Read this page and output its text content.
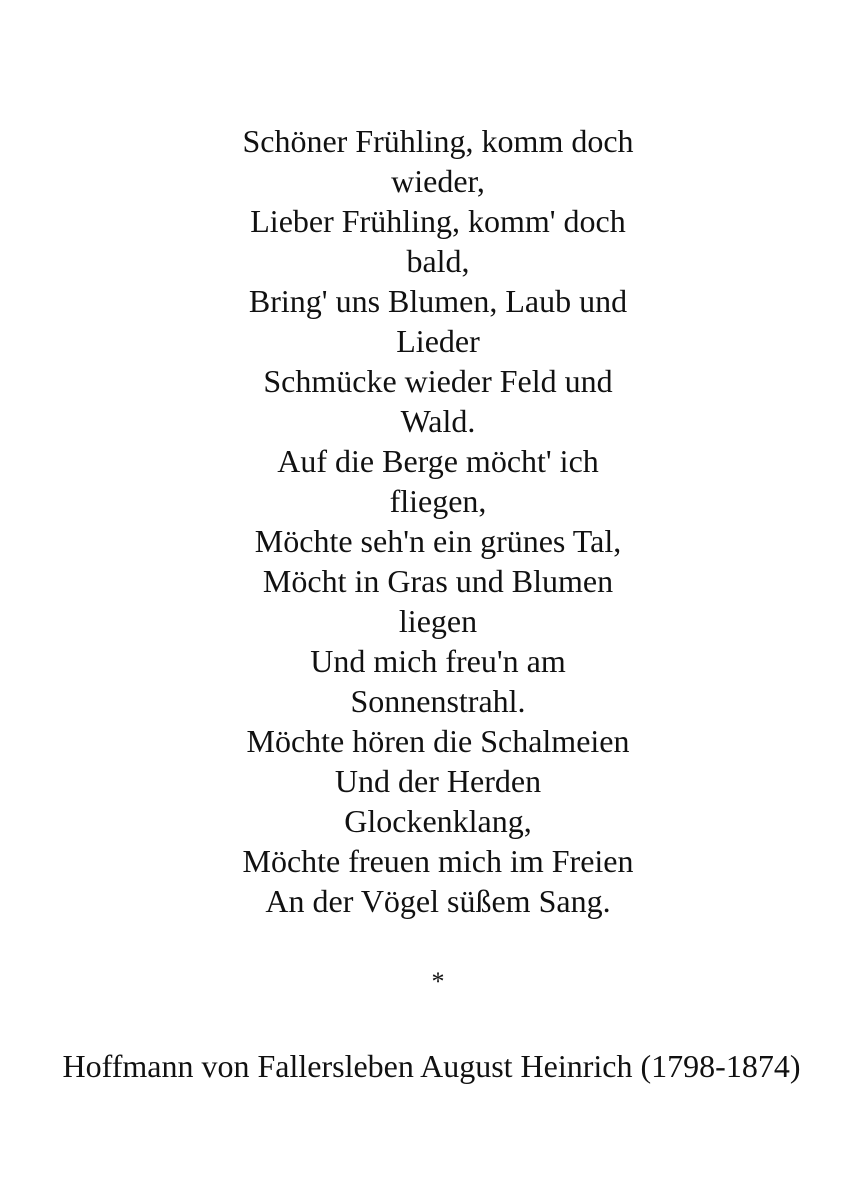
Schöner Frühling, komm doch
wieder,
Lieber Frühling, komm' doch
bald,
Bring' uns Blumen, Laub und
Lieder
Schmücke wieder Feld und
Wald.
Auf die Berge möcht' ich
fliegen,
Möchte seh'n ein grünes Tal,
Möcht in Gras und Blumen
liegen
Und mich freu'n am
Sonnenstrahl.
Möchte hören die Schalmeien
Und der Herden
Glockenklang,
Möchte freuen mich im Freien
An der Vögel süßem Sang.
*
Hoffmann von Fallersleben August Heinrich (1798-1874)
